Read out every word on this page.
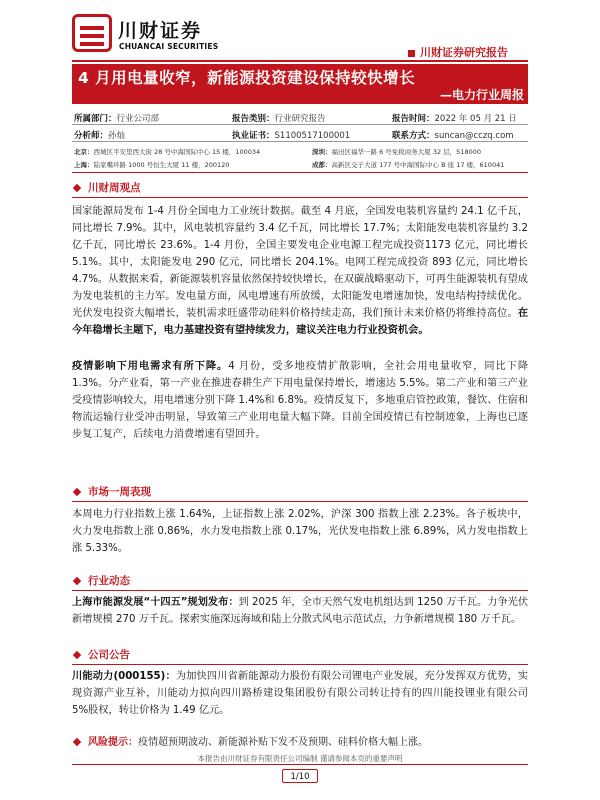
川财证券
CHUANCAI SECURITIES	川财证券研究报告
4 月用电量收窄，新能源投资建设保持较快增长
—电力行业周报
所属部门：行业公司部	报告类别：行业研究报告	报告时间：2022 年 05 月 21 日
分析师：孙灿	执业证书：S1100517100001	联系方式：suncan@cczq.com
北京：西城区平安里西大街 28 号中海国际中心 15 楼，100034	深圳：福田区福华一路 6 号免税商务大厦 32 层，518000
上海：陆家嘴环路 1000 号恒生大厦 11 楼，200120	成都：高新区交子大道 177 号中海国际中心 B 座 17 楼，610041
川财周观点
国家能源局发布 1-4 月份全国电力工业统计数据。截至 4 月底，全国发电装机容量约 24.1 亿千瓦，同比增长 7.9%。其中，风电装机容量约 3.4 亿千瓦，同比增长 17.7%；太阳能发电装机容量约 3.2 亿千瓦，同比增长 23.6%。1-4 月份，全国主要发电企业电源工程完成投资1173 亿元，同比增长 5.1%。其中，太阳能发电 290 亿元，同比增长 204.1%。电网工程完成投资 893 亿元，同比增长 4.7%。从数据来看，新能源装机容量依然保持较快增长，在双碳战略驱动下，可再生能源装机有望成为发电装机的主力军。发电量方面，风电增速有所放缓，太阳能发电增速加快，发电结构持续优化。光伏发电投资大幅增长，装机需求旺盛带动硅料价格持续走高，我们预计未来价格仍将维持高位。在今年稳增长主题下，电力基建投资有望持续发力，建议关注电力行业投资机会。
疫情影响下用电需求有所下降。4 月份，受多地疫情扩散影响，全社会用电量收窄，同比下降 1.3%。分产业看，第一产业在推进春耕生产下用电量保持增长，增速达 5.5%。第二产业和第三产业受疫情影响较大，用电增速分别下降 1.4%和 6.8%。疫情反复下，多地重启管控政策，餐饮、住宿和物流运输行业受冲击明显，导致第三产业用电量大幅下降。目前全国疫情已有控制迹象，上海也已逐步复工复产，后续电力消费增速有望回升。
市场一周表现
本周电力行业指数上涨 1.64%，上证指数上涨 2.02%，沪深 300 指数上涨 2.23%。各子板块中，火力发电指数上涨 0.86%，水力发电指数上涨 0.17%，光伏发电指数上涨 6.89%，风力发电指数上涨 5.33%。
行业动态
上海市能源发展“十四五”规划发布：到 2025 年，全市天然气发电机组达到 1250 万千瓦。力争光伏新增规模 270 万千瓦。探索实施深远海域和陆上分散式风电示范试点，力争新增规模 180 万千瓦。
公司公告
川能动力(000155)：为加快四川省新能源动力股份有限公司锂电产业发展，充分发挥双方优势，实现资源产业互补，川能动力拟向四川路桥建设集团股份有限公司转让持有的四川能投锂业有限公司 5%股权，转让价格为 1.49 亿元。
风险提示：疫情超预期波动、新能源补贴下发不及预期、硅料价格大幅上涨。
本报告由川财证券有限责任公司编制 谨请参阅本页的重要声明
1/10
